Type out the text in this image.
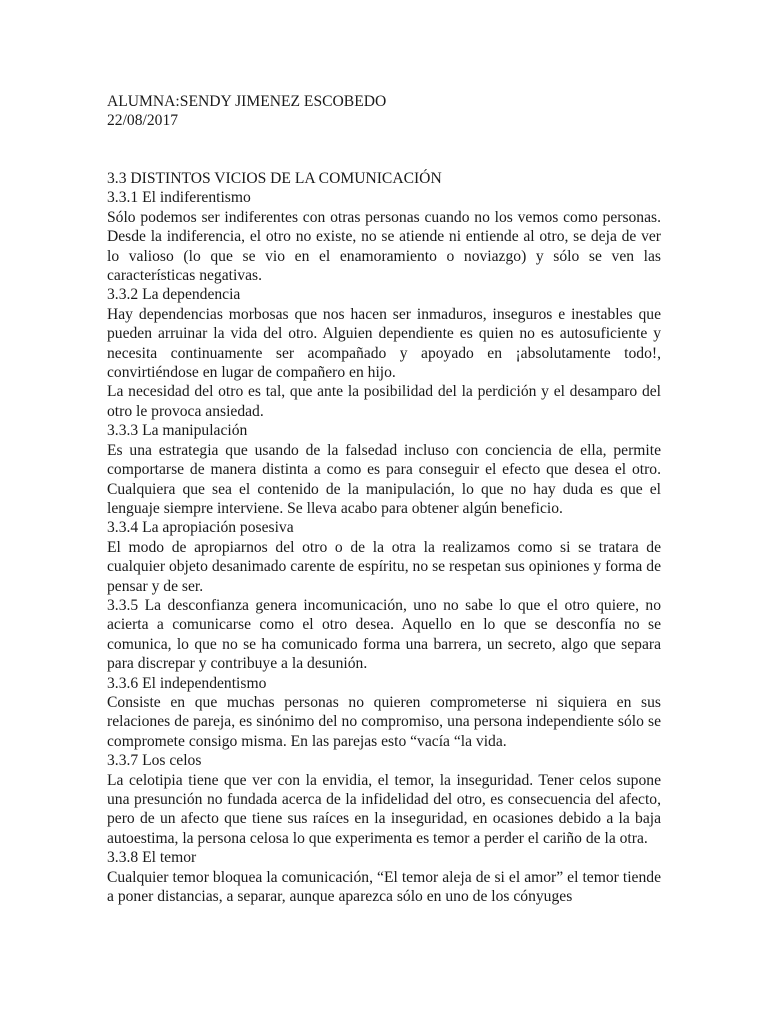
ALUMNA:SENDY JIMENEZ ESCOBEDO
22/08/2017
3.3 DISTINTOS VICIOS DE LA COMUNICACIÓN
3.3.1 El indiferentismo
Sólo podemos ser indiferentes con otras personas cuando no los vemos como personas. Desde la indiferencia, el otro no existe, no se atiende ni entiende al otro, se deja de ver lo valioso (lo que se vio en el enamoramiento o noviazgo) y sólo se ven las características negativas.
3.3.2 La dependencia
Hay dependencias morbosas que nos hacen ser inmaduros, inseguros e inestables que pueden arruinar la vida del otro. Alguien dependiente es quien no es autosuficiente y necesita continuamente ser acompañado y apoyado en ¡absolutamente todo!, convirtiéndose en lugar de compañero en hijo.
La necesidad del otro es tal, que ante la posibilidad del la perdición y el desamparo del otro le provoca ansiedad.
3.3.3 La manipulación
Es una estrategia que usando de la falsedad incluso con conciencia de ella, permite comportarse de manera distinta a como es para conseguir el efecto que desea el otro. Cualquiera que sea el contenido de la manipulación, lo que no hay duda es que el lenguaje siempre interviene. Se lleva acabo para obtener algún beneficio.
3.3.4 La apropiación posesiva
El modo de apropiarnos del otro o de la otra la realizamos como si se tratara de cualquier objeto desanimado carente de espíritu, no se respetan sus opiniones y forma de pensar y de ser.
3.3.5 La desconfianza genera incomunicación, uno no sabe lo que el otro quiere, no acierta a comunicarse como el otro desea. Aquello en lo que se desconfía no se comunica, lo que no se ha comunicado forma una barrera, un secreto, algo que separa para discrepar y contribuye a la desunión.
3.3.6 El independentismo
Consiste en que muchas personas no quieren comprometerse ni siquiera en sus relaciones de pareja, es sinónimo del no compromiso, una persona independiente sólo se compromete consigo misma. En las parejas esto “vacía “la vida.
3.3.7 Los celos
La celotipia tiene que ver con la envidia, el temor, la inseguridad. Tener celos supone una presunción no fundada acerca de la infidelidad del otro, es consecuencia del afecto, pero de un afecto que tiene sus raíces en la inseguridad, en ocasiones debido a la baja autoestima, la persona celosa lo que experimenta es temor a perder el cariño de la otra.
3.3.8 El temor
Cualquier temor bloquea la comunicación, “El temor aleja de si el amor” el temor tiende a poner distancias, a separar, aunque aparezca sólo en uno de los cónyuges
